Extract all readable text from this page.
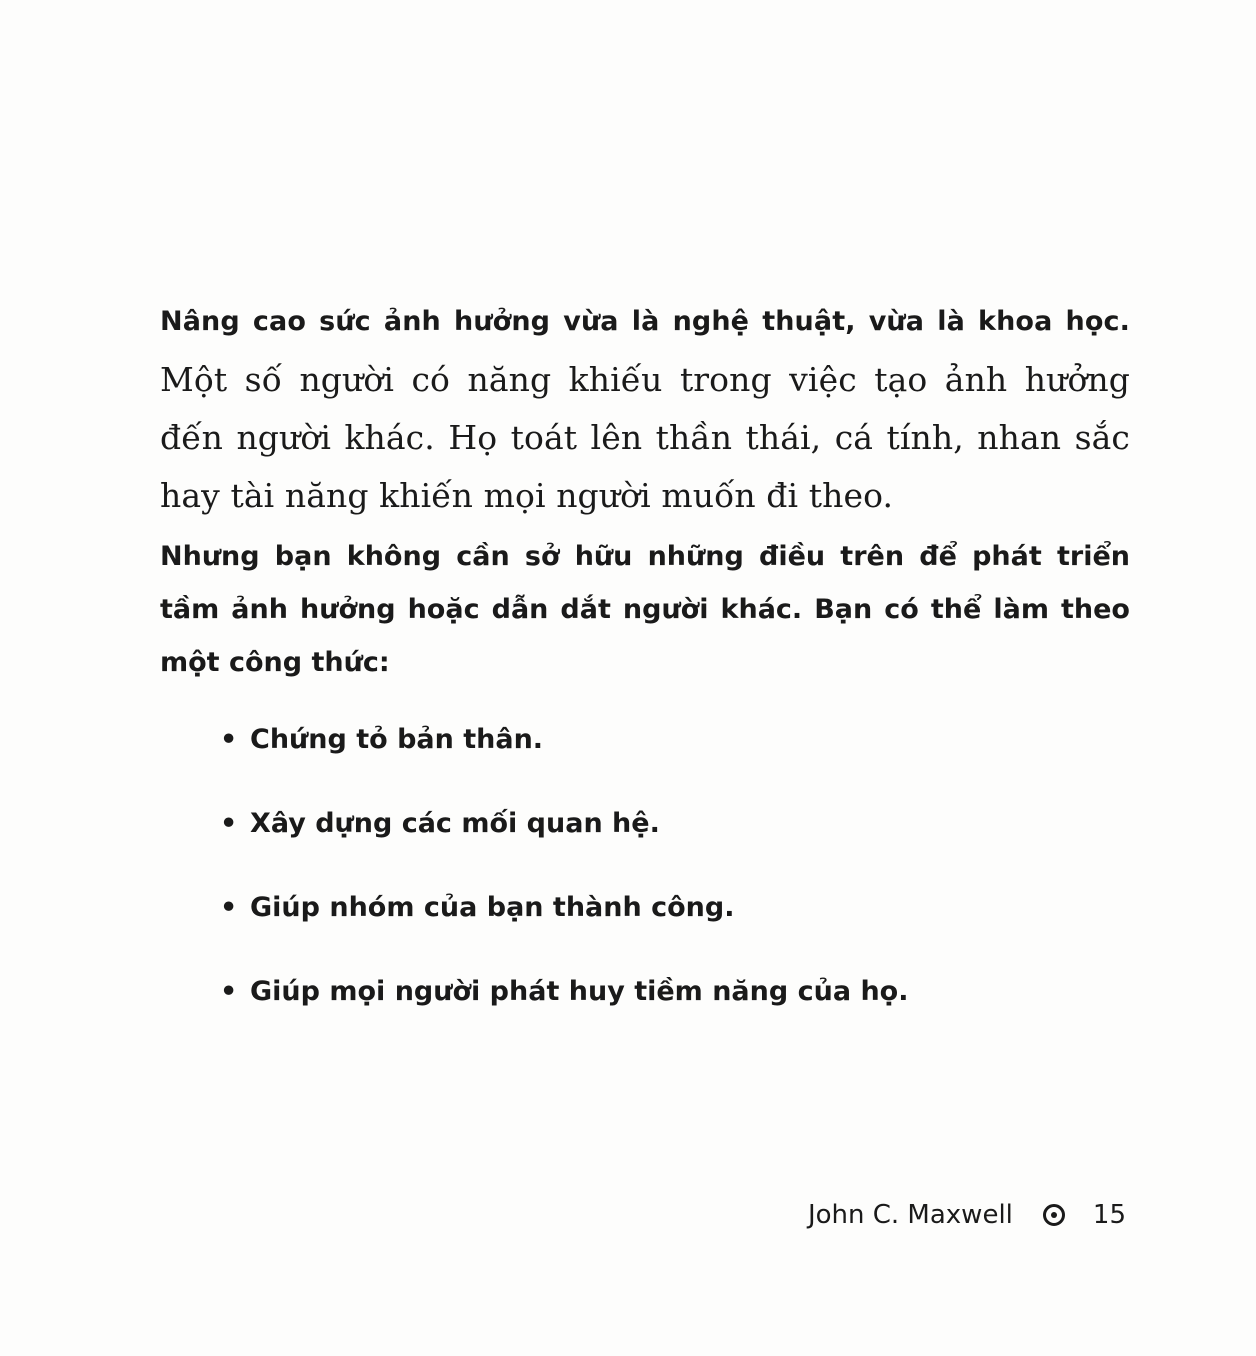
Nâng cao sức ảnh hưởng vừa là nghệ thuật, vừa là khoa học. Một số người có năng khiếu trong việc tạo ảnh hưởng đến người khác. Họ toát lên thần thái, cá tính, nhan sắc hay tài năng khiến mọi người muốn đi theo.

Nhưng bạn không cần sở hữu những điều trên để phát triển tầm ảnh hưởng hoặc dẫn dắt người khác. Bạn có thể làm theo một công thức:

• Chứng tỏ bản thân.
• Xây dựng các mối quan hệ.
• Giúp nhóm của bạn thành công.
• Giúp mọi người phát huy tiềm năng của họ.
John C. Maxwell	15
